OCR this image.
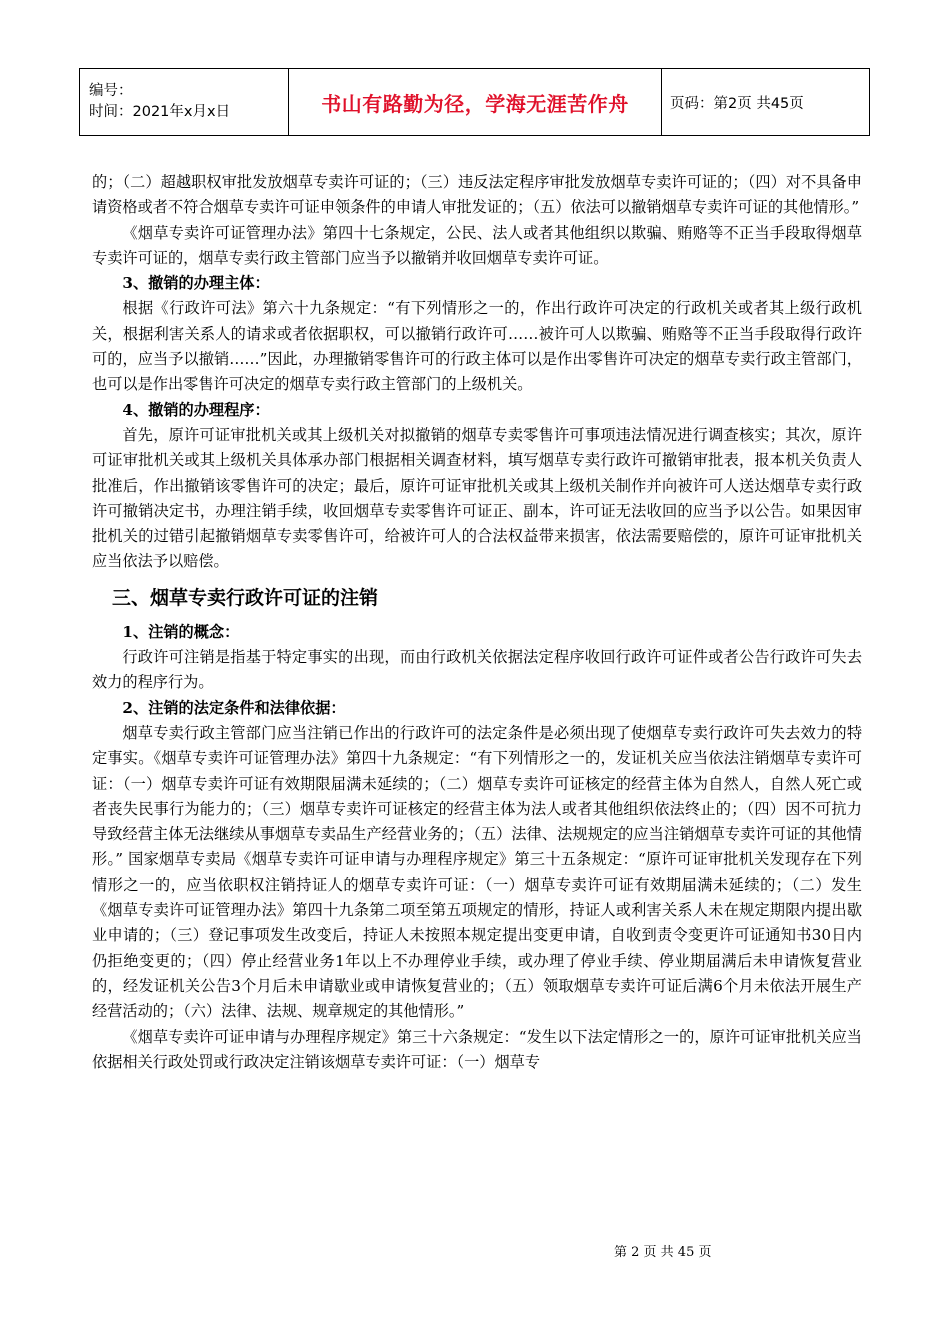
编号：
时间：2021年x月x日	书山有路勤为径，学海无涯苦作舟	页码：第2页 共45页

的；（二）超越职权审批发放烟草专卖许可证的；（三）违反法定程序审批发放烟草专卖许可证的；（四）对不具备申请资格或者不符合烟草专卖许可证申领条件的申请人审批发证的；（五）依法可以撤销烟草专卖许可证的其他情形。”

《烟草专卖许可证管理办法》第四十七条规定，公民、法人或者其他组织以欺骗、贿赂等不正当手段取得烟草专卖许可证的，烟草专卖行政主管部门应当予以撤销并收回烟草专卖许可证。

3、撤销的办理主体：

根据《行政许可法》第六十九条规定：“有下列情形之一的，作出行政许可决定的行政机关或者其上级行政机关，根据利害关系人的请求或者依据职权，可以撤销行政许可……被许可人以欺骗、贿赂等不正当手段取得行政许可的，应当予以撤销……”因此，办理撤销零售许可的行政主体可以是作出零售许可决定的烟草专卖行政主管部门，也可以是作出零售许可决定的烟草专卖行政主管部门的上级机关。

4、撤销的办理程序：

首先，原许可证审批机关或其上级机关对拟撤销的烟草专卖零售许可事项违法情况进行调查核实；其次，原许可证审批机关或其上级机关具体承办部门根据相关调查材料，填写烟草专卖行政许可撤销审批表，报本机关负责人批准后，作出撤销该零售许可的决定；最后，原许可证审批机关或其上级机关制作并向被许可人送达烟草专卖行政许可撤销决定书，办理注销手续，收回烟草专卖零售许可证正、副本，许可证无法收回的应当予以公告。如果因审批机关的过错引起撤销烟草专卖零售许可，给被许可人的合法权益带来损害，依法需要赔偿的，原许可证审批机关应当依法予以赔偿。

三、烟草专卖行政许可证的注销

1、注销的概念：

行政许可注销是指基于特定事实的出现，而由行政机关依据法定程序收回行政许可证件或者公告行政许可失去效力的程序行为。

2、注销的法定条件和法律依据：

烟草专卖行政主管部门应当注销已作出的行政许可的法定条件是必须出现了使烟草专卖行政许可失去效力的特定事实。《烟草专卖许可证管理办法》第四十九条规定：“有下列情形之一的，发证机关应当依法注销烟草专卖许可证：（一）烟草专卖许可证有效期限届满未延续的；（二）烟草专卖许可证核定的经营主体为自然人，自然人死亡或者丧失民事行为能力的；（三）烟草专卖许可证核定的经营主体为法人或者其他组织依法终止的；（四）因不可抗力导致经营主体无法继续从事烟草专卖品生产经营业务的；（五）法律、法规规定的应当注销烟草专卖许可证的其他情形。” 国家烟草专卖局《烟草专卖许可证申请与办理程序规定》第三十五条规定：“原许可证审批机关发现存在下列情形之一的，应当依职权注销持证人的烟草专卖许可证：（一）烟草专卖许可证有效期届满未延续的；（二）发生《烟草专卖许可证管理办法》第四十九条第二项至第五项规定的情形，持证人或利害关系人未在规定期限内提出歇业申请的；（三）登记事项发生改变后，持证人未按照本规定提出变更申请，自收到责令变更许可证通知书30日内仍拒绝变更的；（四）停止经营业务1年以上不办理停业手续，或办理了停业手续、停业期届满后未申请恢复营业的，经发证机关公告3个月后未申请歇业或申请恢复营业的；（五）领取烟草专卖许可证后满6个月未依法开展生产经营活动的；（六）法律、法规、规章规定的其他情形。”

《烟草专卖许可证申请与办理程序规定》第三十六条规定：“发生以下法定情形之一的，原许可证审批机关应当依据相关行政处罚或行政决定注销该烟草专卖许可证：（一）烟草专

第 2 页 共 45 页
